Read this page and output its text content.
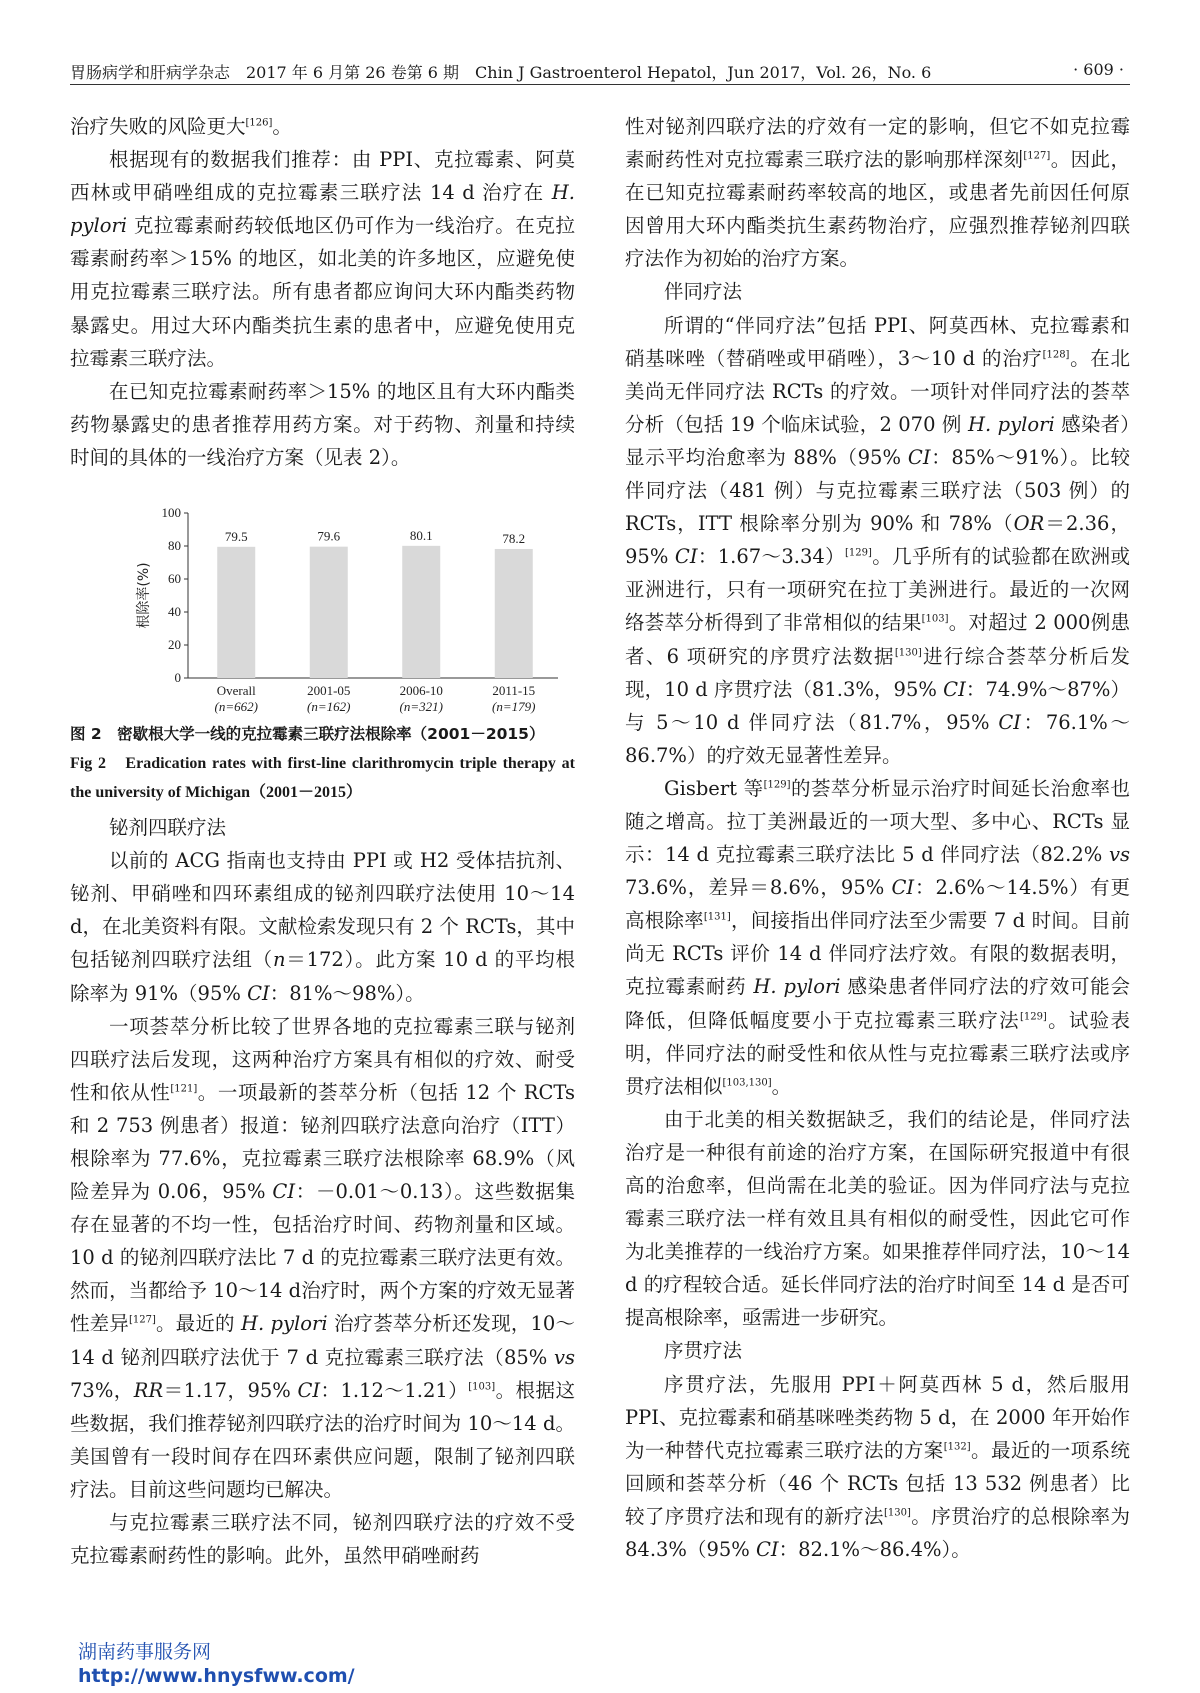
胃肠病学和肝病学杂志　2017 年 6 月第 26 卷第 6 期　Chin J Gastroenterol Hepatol，Jun 2017，Vol. 26，No. 6	· 609 ·

治疗失败的风险更大[126]。

根据现有的数据我们推荐：由 PPI、克拉霉素、阿莫西林或甲硝唑组成的克拉霉素三联疗法 14 d 治疗在 H. pylori 克拉霉素耐药较低地区仍可作为一线治疗。在克拉霉素耐药率＞15% 的地区，如北美的许多地区，应避免使用克拉霉素三联疗法。所有患者都应询问大环内酯类药物暴露史。用过大环内酯类抗生素的患者中，应避免使用克拉霉素三联疗法。

在已知克拉霉素耐药率＞15% 的地区且有大环内酯类药物暴露史的患者推荐用药方案。对于药物、剂量和持续时间的具体的一线治疗方案（见表 2）。

0
20
40
60
80
100
根除率(%)
79.5
Overall
(n=662)
79.6
2001-05
(n=162)
80.1
2006-10
(n=321)
78.2
2011-15
(n=179)

图 2　密歇根大学一线的克拉霉素三联疗法根除率（2001－2015）

Fig 2　Eradication rates with first-line clarithromycin triple therapy at the university of Michigan（2001－2015）

铋剂四联疗法

以前的 ACG 指南也支持由 PPI 或 H2 受体拮抗剂、铋剂、甲硝唑和四环素组成的铋剂四联疗法使用 10～14 d，在北美资料有限。文献检索发现只有 2 个 RCTs，其中包括铋剂四联疗法组（n＝172）。此方案 10 d 的平均根除率为 91%（95% CI：81%～98%）。

一项荟萃分析比较了世界各地的克拉霉素三联与铋剂四联疗法后发现，这两种治疗方案具有相似的疗效、耐受性和依从性[121]。一项最新的荟萃分析（包括 12 个 RCTs 和 2 753 例患者）报道：铋剂四联疗法意向治疗（ITT）根除率为 77.6%，克拉霉素三联疗法根除率 68.9%（风险差异为 0.06，95% CI：－0.01～0.13）。这些数据集存在显著的不均一性，包括治疗时间、药物剂量和区域。10 d 的铋剂四联疗法比 7 d 的克拉霉素三联疗法更有效。然而，当都给予 10～14 d治疗时，两个方案的疗效无显著性差异[127]。最近的 H. pylori 治疗荟萃分析还发现，10～14 d 铋剂四联疗法优于 7 d 克拉霉素三联疗法（85% vs 73%，RR＝1.17，95% CI：1.12～1.21）[103]。根据这些数据，我们推荐铋剂四联疗法的治疗时间为 10～14 d。美国曾有一段时间存在四环素供应问题，限制了铋剂四联疗法。目前这些问题均已解决。

与克拉霉素三联疗法不同，铋剂四联疗法的疗效不受克拉霉素耐药性的影响。此外，虽然甲硝唑耐药

性对铋剂四联疗法的疗效有一定的影响，但它不如克拉霉素耐药性对克拉霉素三联疗法的影响那样深刻[127]。因此，在已知克拉霉素耐药率较高的地区，或患者先前因任何原因曾用大环内酯类抗生素药物治疗，应强烈推荐铋剂四联疗法作为初始的治疗方案。

伴同疗法

所谓的“伴同疗法”包括 PPI、阿莫西林、克拉霉素和硝基咪唑（替硝唑或甲硝唑），3～10 d 的治疗[128]。在北美尚无伴同疗法 RCTs 的疗效。一项针对伴同疗法的荟萃分析（包括 19 个临床试验，2 070 例 H. pylori 感染者）显示平均治愈率为 88%（95% CI：85%～91%）。比较伴同疗法（481 例）与克拉霉素三联疗法（503 例）的 RCTs，ITT 根除率分别为 90% 和 78%（OR＝2.36，95% CI：1.67～3.34）[129]。几乎所有的试验都在欧洲或亚洲进行，只有一项研究在拉丁美洲进行。最近的一次网络荟萃分析得到了非常相似的结果[103]。对超过 2 000例患者、6 项研究的序贯疗法数据[130]进行综合荟萃分析后发现，10 d 序贯疗法（81.3%，95% CI：74.9%～87%）与 5～10 d 伴同疗法（81.7%，95% CI：76.1%～86.7%）的疗效无显著性差异。

Gisbert 等[129]的荟萃分析显示治疗时间延长治愈率也随之增高。拉丁美洲最近的一项大型、多中心、RCTs 显示：14 d 克拉霉素三联疗法比 5 d 伴同疗法（82.2% vs 73.6%，差异＝8.6%，95% CI：2.6%～14.5%）有更高根除率[131]，间接指出伴同疗法至少需要 7 d 时间。目前尚无 RCTs 评价 14 d 伴同疗法疗效。有限的数据表明，克拉霉素耐药 H. pylori 感染患者伴同疗法的疗效可能会降低，但降低幅度要小于克拉霉素三联疗法[129]。试验表明，伴同疗法的耐受性和依从性与克拉霉素三联疗法或序贯疗法相似[103,130]。

由于北美的相关数据缺乏，我们的结论是，伴同疗法治疗是一种很有前途的治疗方案，在国际研究报道中有很高的治愈率，但尚需在北美的验证。因为伴同疗法与克拉霉素三联疗法一样有效且具有相似的耐受性，因此它可作为北美推荐的一线治疗方案。如果推荐伴同疗法，10～14 d 的疗程较合适。延长伴同疗法的治疗时间至 14 d 是否可提高根除率，亟需进一步研究。

序贯疗法

序贯疗法，先服用 PPI＋阿莫西林 5 d，然后服用 PPI、克拉霉素和硝基咪唑类药物 5 d，在 2000 年开始作为一种替代克拉霉素三联疗法的方案[132]。最近的一项系统回顾和荟萃分析（46 个 RCTs 包括 13 532 例患者）比较了序贯疗法和现有的新疗法[130]。序贯治疗的总根除率为 84.3%（95% CI：82.1%～86.4%）。

湖南药事服务网
http://www.hnysfww.com/
